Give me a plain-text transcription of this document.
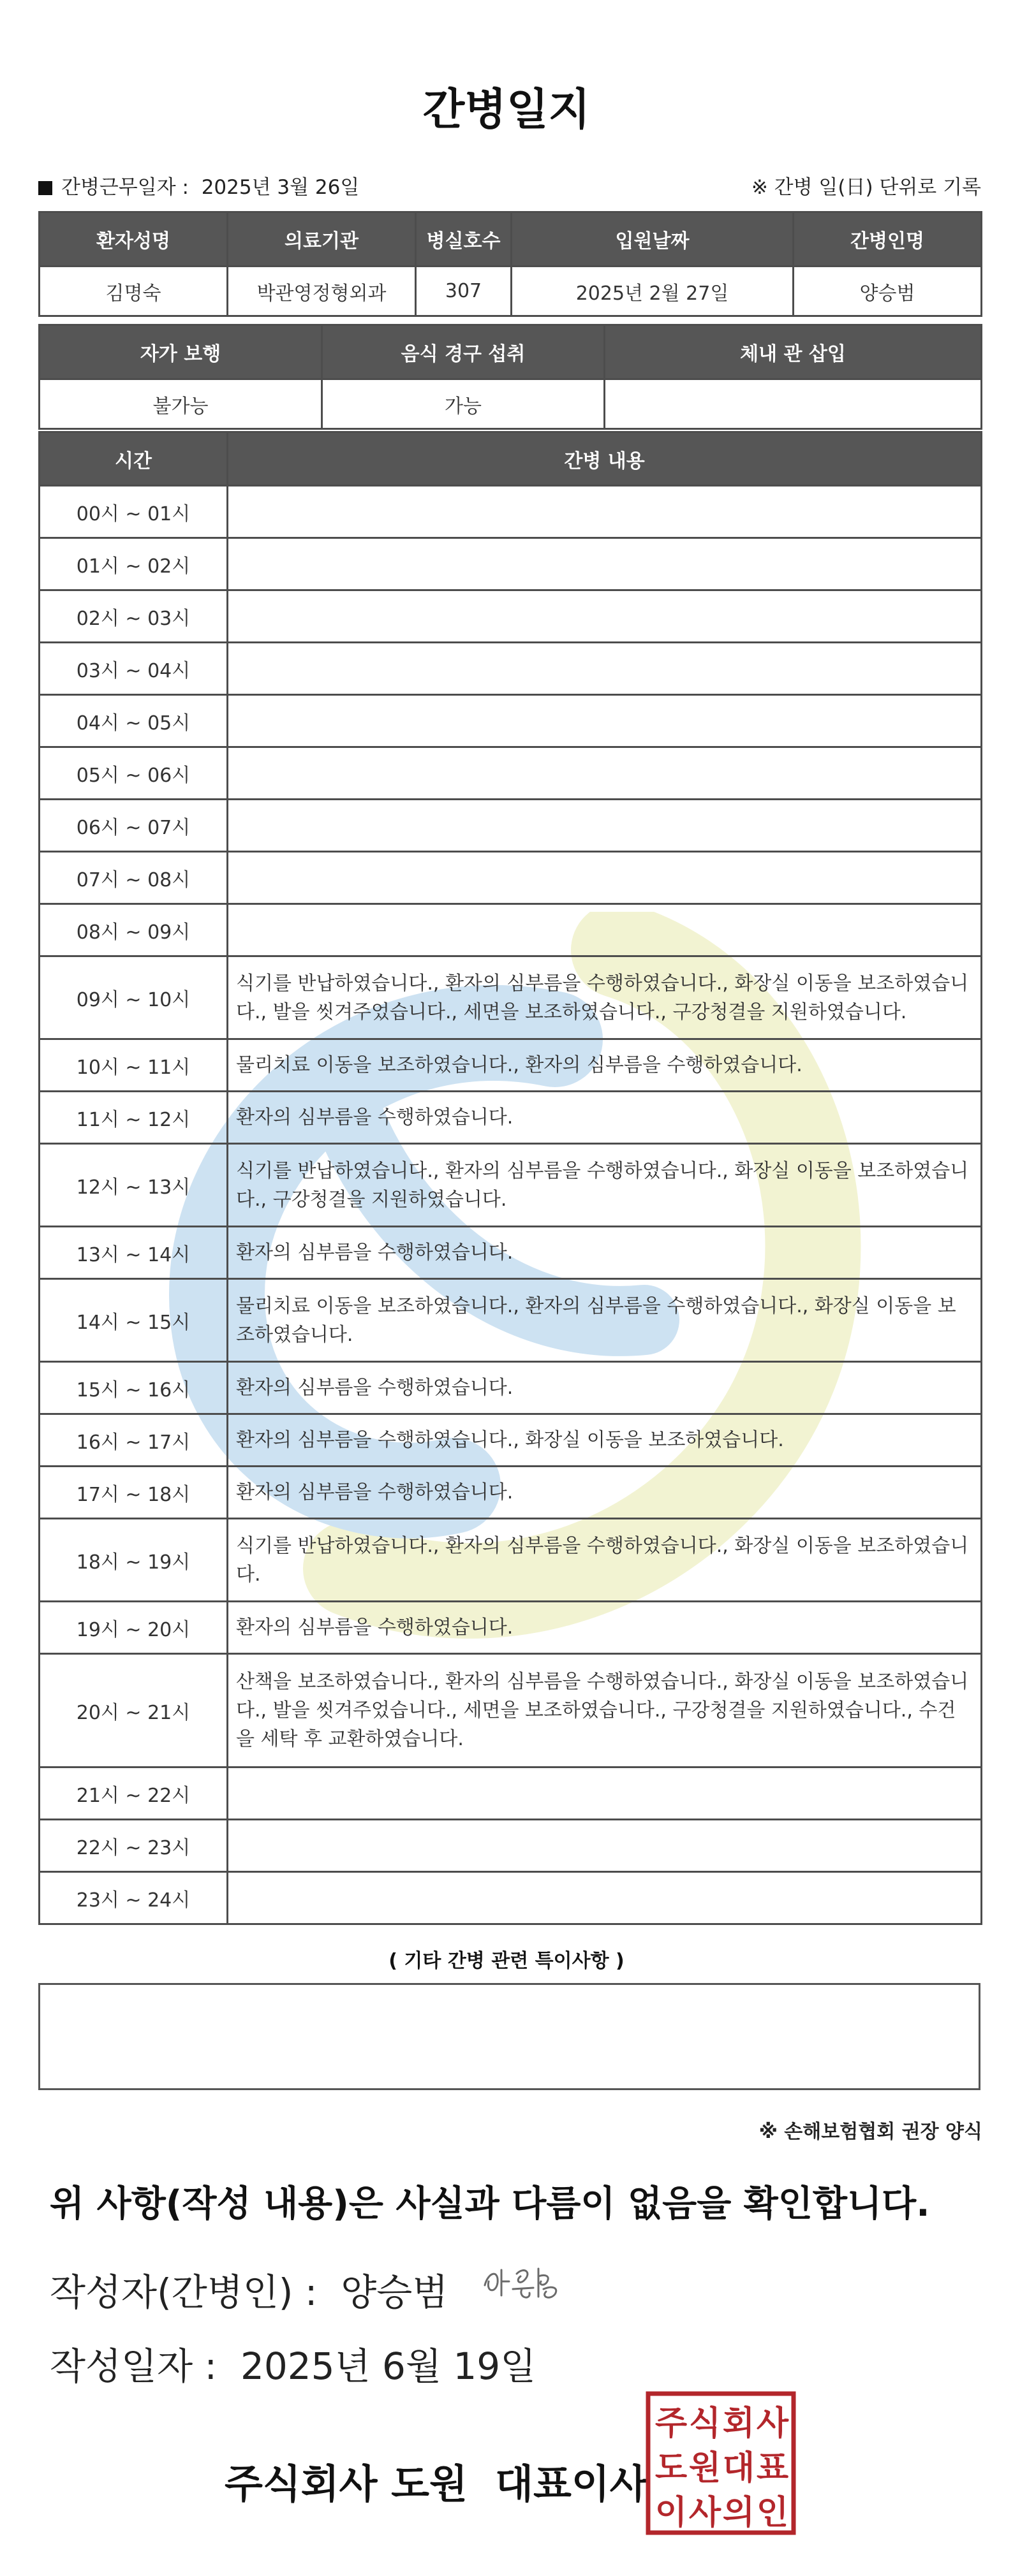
간병일지
간병근무일자 : 2025년 3월 26일	※ 간병 일(日) 단위로 기록
환자성명	의료기관	병실호수	입원날짜	간병인명
김명숙	박관영정형외과	307	2025년 2월 27일	양승범
자가 보행	음식 경구 섭취	체내 관 삽입
불가능	가능	
시간	간병 내용
00시 ~ 01시	
01시 ~ 02시	
02시 ~ 03시	
03시 ~ 04시	
04시 ~ 05시	
05시 ~ 06시	
06시 ~ 07시	
07시 ~ 08시	
08시 ~ 09시	
09시 ~ 10시	식기를 반납하였습니다., 환자의 심부름을 수행하였습니다., 화장실 이동을 보조하였습니다., 발을 씻겨주었습니다., 세면을 보조하였습니다., 구강청결을 지원하였습니다.
10시 ~ 11시	물리치료 이동을 보조하였습니다., 환자의 심부름을 수행하였습니다.
11시 ~ 12시	환자의 심부름을 수행하였습니다.
12시 ~ 13시	식기를 반납하였습니다., 환자의 심부름을 수행하였습니다., 화장실 이동을 보조하였습니다., 구강청결을 지원하였습니다.
13시 ~ 14시	환자의 심부름을 수행하였습니다.
14시 ~ 15시	물리치료 이동을 보조하였습니다., 환자의 심부름을 수행하였습니다., 화장실 이동을 보조하였습니다.
15시 ~ 16시	환자의 심부름을 수행하였습니다.
16시 ~ 17시	환자의 심부름을 수행하였습니다., 화장실 이동을 보조하였습니다.
17시 ~ 18시	환자의 심부름을 수행하였습니다.
18시 ~ 19시	식기를 반납하였습니다., 환자의 심부름을 수행하였습니다., 화장실 이동을 보조하였습니다.
19시 ~ 20시	환자의 심부름을 수행하였습니다.
20시 ~ 21시	산책을 보조하였습니다., 환자의 심부름을 수행하였습니다., 화장실 이동을 보조하였습니다., 발을 씻겨주었습니다., 세면을 보조하였습니다., 구강청결을 지원하였습니다., 수건을 세탁 후 교환하였습니다.
21시 ~ 22시	
22시 ~ 23시	
23시 ~ 24시	
( 기타 간병 관련 특이사항 )
※ 손해보험협회 권장 양식
위 사항(작성 내용)은 사실과 다름이 없음을 확인합니다.
작성자(간병인) : 양승범
작성일자 : 2025년 6월 19일
주식회사 도원  대표이사
주 식 회 사
도 원 대 표
이 사 의 인
